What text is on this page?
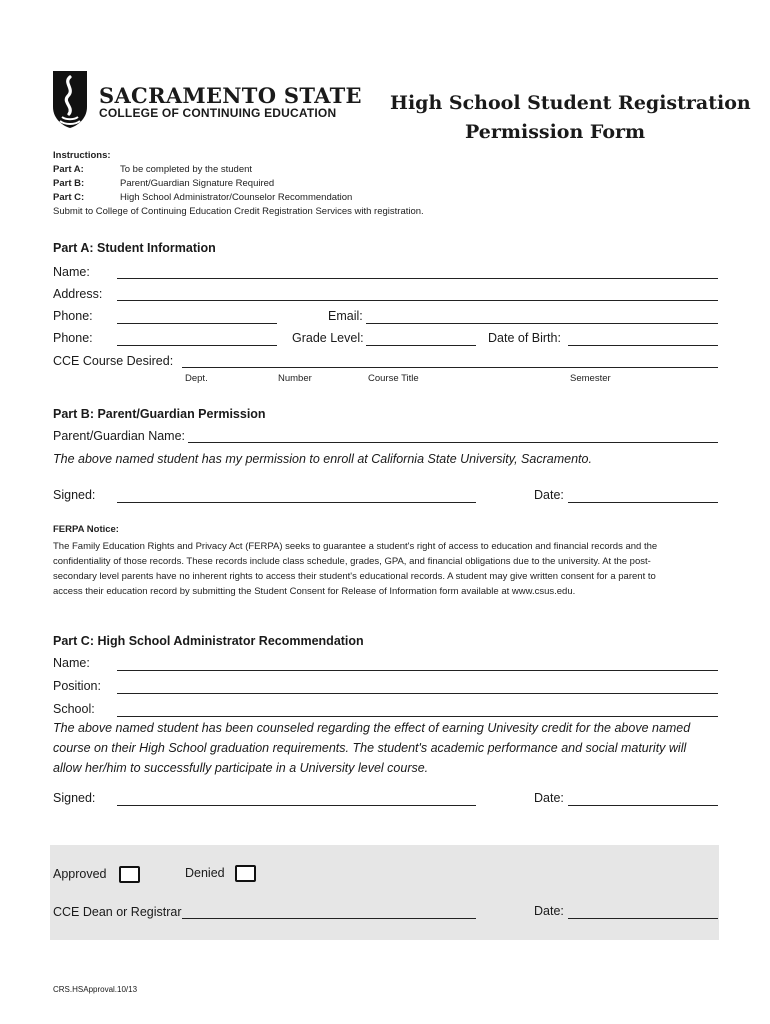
SACRAMENTO STATE
COLLEGE OF CONTINUING EDUCATION	High School Student Registration
Permission Form
Instructions:
Part A:	To be completed by the student
Part B:	Parent/Guardian Signature Required
Part C:	High School Administrator/Counselor Recommendation
Submit to College of Continuing Education Credit Registration Services with registration.
Part A: Student Information
Name:
Address:
Phone:	Email:
Phone:	Grade Level:	Date of Birth:
CCE Course Desired:
Dept.	Number	Course Title	Semester
Part B: Parent/Guardian Permission
Parent/Guardian Name:
The above named student has my permission to enroll at California State University, Sacramento.
Signed:	Date:
FERPA Notice:
The Family Education Rights and Privacy Act (FERPA) seeks to guarantee a student's right of access to education and financial records and the
confidentiality of those records. These records include class schedule, grades, GPA, and financial obligations due to the university. At the post-
secondary level parents have no inherent rights to access their student's educational records. A student may give written consent for a parent to
access their education record by submitting the Student Consent for Release of Information form available at www.csus.edu.
Part C: High School Administrator Recommendation
Name:
Position:
School:
The above named student has been counseled regarding the effect of earning Univesity credit for the above named
course on their High School graduation requirements. The student's academic performance and social maturity will
allow her/him to successfully participate in a University level course.
Signed:	Date:
Approved	Denied
CCE Dean or Registrar	Date:
CRS.HSApproval.10/13
